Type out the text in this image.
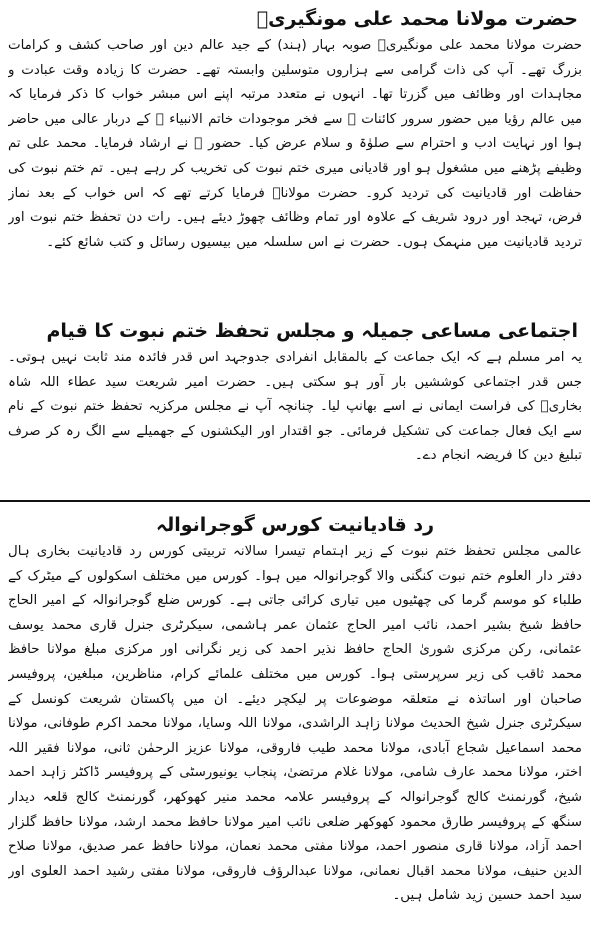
حضرت مولانا محمد علی مونگیریؒ

حضرت مولانا محمد علی مونگیریؒ صوبہ بہار (ہند) کے جید عالم دین اور صاحب کشف و کرامات بزرگ تھے۔ آپ کی ذات گرامی سے ہزاروں متوسلین وابستہ تھے۔ حضرت کا زیادہ وقت عبادت و مجاہدات اور وظائف میں گزرتا تھا۔ انہوں نے متعدد مرتبہ اپنے اس مبشر خواب کا ذکر فرمایا کہ میں عالم رؤیا میں حضور سرور کائنات ﷺ سے فخر موجودات خاتم الانبیاء ﷺ کے دربار عالی میں حاضر ہوا اور نہایت ادب و احترام سے صلوٰۃ و سلام عرض کیا۔ حضور ﷺ نے ارشاد فرمایا۔ محمد علی تم وظیفے پڑھنے میں مشغول ہو اور قادیانی میری ختم نبوت کی تخریب کر رہے ہیں۔ تم ختم نبوت کی حفاظت اور قادیانیت کی تردید کرو۔ حضرت مولاناؒ فرمایا کرتے تھے کہ اس خواب کے بعد نماز فرض، تہجد اور درود شریف کے علاوہ اور تمام وظائف چھوڑ دیئے ہیں۔ رات دن تحفظ ختم نبوت اور تردید قادیانیت میں منہمک ہوں۔ حضرت نے اس سلسلہ میں بیسیوں رسائل و کتب شائع کئے۔

اجتماعی مساعی جمیلہ و مجلس تحفظ ختم نبوت کا قیام

یہ امر مسلم ہے کہ ایک جماعت کے بالمقابل انفرادی جدوجہد اس قدر فائدہ مند ثابت نہیں ہوتی۔ جس قدر اجتماعی کوششیں بار آور ہو سکتی ہیں۔ حضرت امیر شریعت سید عطاء اللہ شاہ بخاریؒ کی فراست ایمانی نے اسے بھانپ لیا۔ چنانچہ آپ نے مجلس مرکزیہ تحفظ ختم نبوت کے نام سے ایک فعال جماعت کی تشکیل فرمائی۔ جو اقتدار اور الیکشنوں کے جھمیلے سے الگ رہ کر صرف تبلیغ دین کا فریضہ انجام دے۔

رد قادیانیت کورس گوجرانوالہ

عالمی مجلس تحفظ ختم نبوت کے زیر اہتمام تیسرا سالانہ تربیتی کورس رد قادیانیت بخاری ہال دفتر دار العلوم ختم نبوت کنگنی والا گوجرانوالہ میں ہوا۔ کورس میں مختلف اسکولوں کے میٹرک کے طلباء کو موسم گرما کی چھٹیوں میں تیاری کرائی جاتی ہے۔ کورس ضلع گوجرانوالہ کے امیر الحاج حافظ شیخ بشیر احمد، نائب امیر الحاج عثمان عمر ہاشمی، سیکرٹری جنرل قاری محمد یوسف عثمانی، رکن مرکزی شوریٰ الحاج حافظ نذیر احمد کی زیر نگرانی اور مرکزی مبلغ مولانا حافظ محمد ثاقب کی زیر سرپرستی ہوا۔ کورس میں مختلف علمائے کرام، مناظرین، مبلغین، پروفیسر صاحبان اور اساتذہ نے متعلقہ موضوعات پر لیکچر دیئے۔ ان میں پاکستان شریعت کونسل کے سیکرٹری جنرل شیخ الحدیث مولانا زاہد الراشدی، مولانا اللہ وسایا، مولانا محمد اکرم طوفانی، مولانا محمد اسماعیل شجاع آبادی، مولانا محمد طیب فاروقی، مولانا عزیز الرحمٰن ثانی، مولانا فقیر اللہ اختر، مولانا محمد عارف شامی، مولانا غلام مرتضیٰ، پنجاب یونیورسٹی کے پروفیسر ڈاکٹر زاہد احمد شیخ، گورنمنٹ کالج گوجرانوالہ کے پروفیسر علامہ محمد منیر کھوکھر، گورنمنٹ کالج قلعہ دیدار سنگھ کے پروفیسر طارق محمود کھوکھر ضلعی نائب امیر مولانا حافظ محمد ارشد، مولانا حافظ گلزار احمد آزاد، مولانا قاری منصور احمد، مولانا مفتی محمد نعمان، مولانا حافظ عمر صدیق، مولانا صلاح الدین حنیف، مولانا محمد اقبال نعمانی، مولانا عبدالرؤف فاروقی، مولانا مفتی رشید احمد العلوی اور سید احمد حسین زید شامل ہیں۔
